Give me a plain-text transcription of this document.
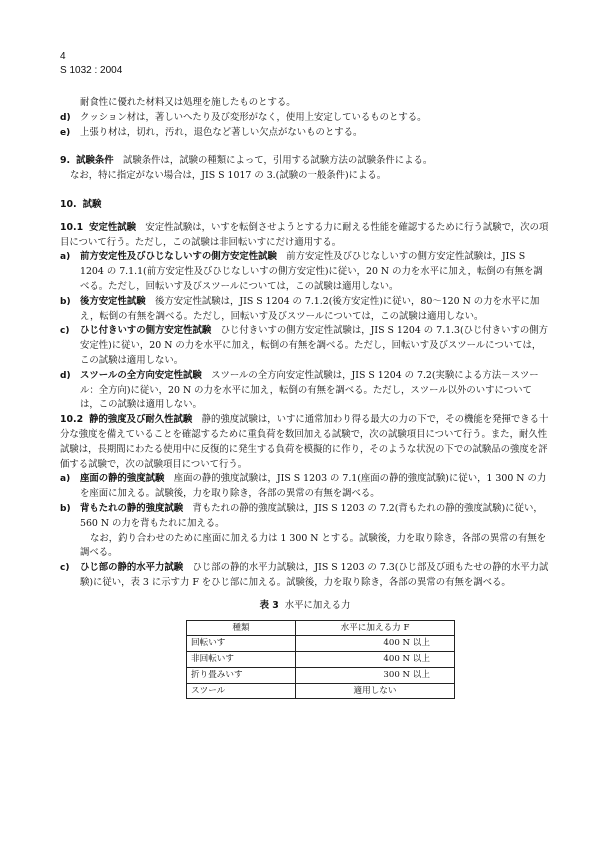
4
S 1032 : 2004

耐食性に優れた材料又は処理を施したものとする。

d)	クッション材は，著しいへたり及び変形がなく，使用上安定しているものとする。
e)	上張り材は，切れ，汚れ，退色など著しい欠点がないものとする。

9. 試験条件　 試験条件は，試験の種類によって，引用する試験方法の試験条件による。

なお，特に指定がない場合は，JIS S 1017 の 3.(試験の一般条件)による。

10. 試験

10.1 安定性試験　 安定性試験は，いすを転倒させようとする力に耐える性能を確認するために行う試験で，次の項目について行う。ただし，この試験は非回転いすにだけ適用する。

a)	前方安定性及びひじなしいすの側方安定性試験　 前方安定性及びひじなしいすの側方安定性試験は，JIS S 1204 の 7.1.1(前方安定性及びひじなしいすの側方安定性)に従い，20 N の力を水平に加え，転倒の有無を調べる。ただし，回転いす及びスツールについては，この試験は適用しない。
b)	後方安定性試験　 後方安定性試験は，JIS S 1204 の 7.1.2(後方安定性)に従い，80～120 N の力を水平に加え，転倒の有無を調べる。ただし，回転いす及びスツールについては，この試験は適用しない。
c)	ひじ付きいすの側方安定性試験　 ひじ付きいすの側方安定性試験は，JIS S 1204 の 7.1.3(ひじ付きいすの側方安定性)に従い，20 N の力を水平に加え，転倒の有無を調べる。ただし，回転いす及びスツールについては，この試験は適用しない。
d)	スツールの全方向安定性試験　 スツールの全方向安定性試験は，JIS S 1204 の 7.2(実験による方法－スツール：全方向)に従い，20 N の力を水平に加え，転倒の有無を調べる。ただし，スツール以外のいすについては，この試験は適用しない。

10.2 静的強度及び耐久性試験　 静的強度試験は，いすに通常加わり得る最大の力の下で，その機能を発揮できる十分な強度を備えていることを確認するために重負荷を数回加える試験で，次の試験項目について行う。また，耐久性試験は，長期間にわたる使用中に反復的に発生する負荷を模擬的に作り，そのような状況の下での試験品の強度を評価する試験で，次の試験項目について行う。

a)	座面の静的強度試験　 座面の静的強度試験は，JIS S 1203 の 7.1(座面の静的強度試験)に従い，1 300 N の力を座面に加える。試験後，力を取り除き，各部の異常の有無を調べる。
b)	背もたれの静的強度試験　 背もたれの静的強度試験は，JIS S 1203 の 7.2(背もたれの静的強度試験)に従い，560 N の力を背もたれに加える。

なお，釣り合わせのために座面に加える力は 1 300 N とする。試験後，力を取り除き，各部の異常の有無を調べる。

c)	ひじ部の静的水平力試験　 ひじ部の静的水平力試験は，JIS S 1203 の 7.3(ひじ部及び頭もたせの静的水平力試験)に従い，表 3 に示す力 F をひじ部に加える。試験後，力を取り除き，各部の異常の有無を調べる。
表 3 水平に加える力
種類	水平に加える力 F
回転いす	400 N 以上
非回転いす	400 N 以上
折り畳みいす	300 N 以上
スツール	適用しない
